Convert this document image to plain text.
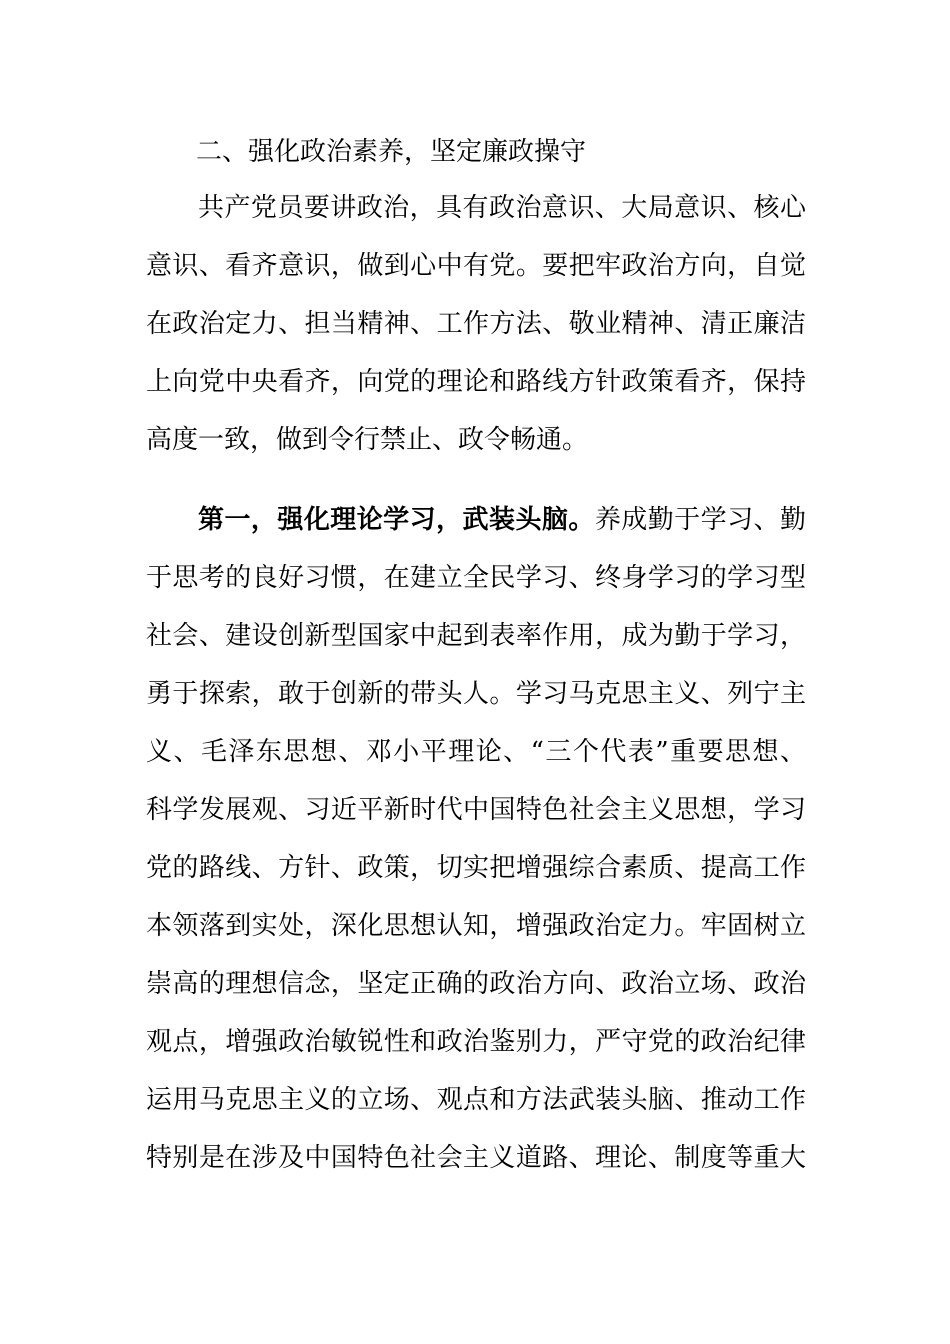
二、强化政治素养，坚定廉政操守
共产党员要讲政治，具有政治意识、大局意识、核心
意识、看齐意识，做到心中有党。要把牢政治方向，自觉
在政治定力、担当精神、工作方法、敬业精神、清正廉洁
上向党中央看齐，向党的理论和路线方针政策看齐，保持
高度一致，做到令行禁止、政令畅通。
第一，强化理论学习，武装头脑。养成勤于学习、勤
于思考的良好习惯，在建立全民学习、终身学习的学习型
社会、建设创新型国家中起到表率作用，成为勤于学习，
勇于探索，敢于创新的带头人。学习马克思主义、列宁主
义、毛泽东思想、邓小平理论、“三个代表”重要思想、
科学发展观、习近平新时代中国特色社会主义思想，学习
党的路线、方针、政策，切实把增强综合素质、提高工作
本领落到实处，深化思想认知，增强政治定力。牢固树立
崇高的理想信念，坚定正确的政治方向、政治立场、政治
观点，增强政治敏锐性和政治鉴别力，严守党的政治纪律
运用马克思主义的立场、观点和方法武装头脑、推动工作
特别是在涉及中国特色社会主义道路、理论、制度等重大
